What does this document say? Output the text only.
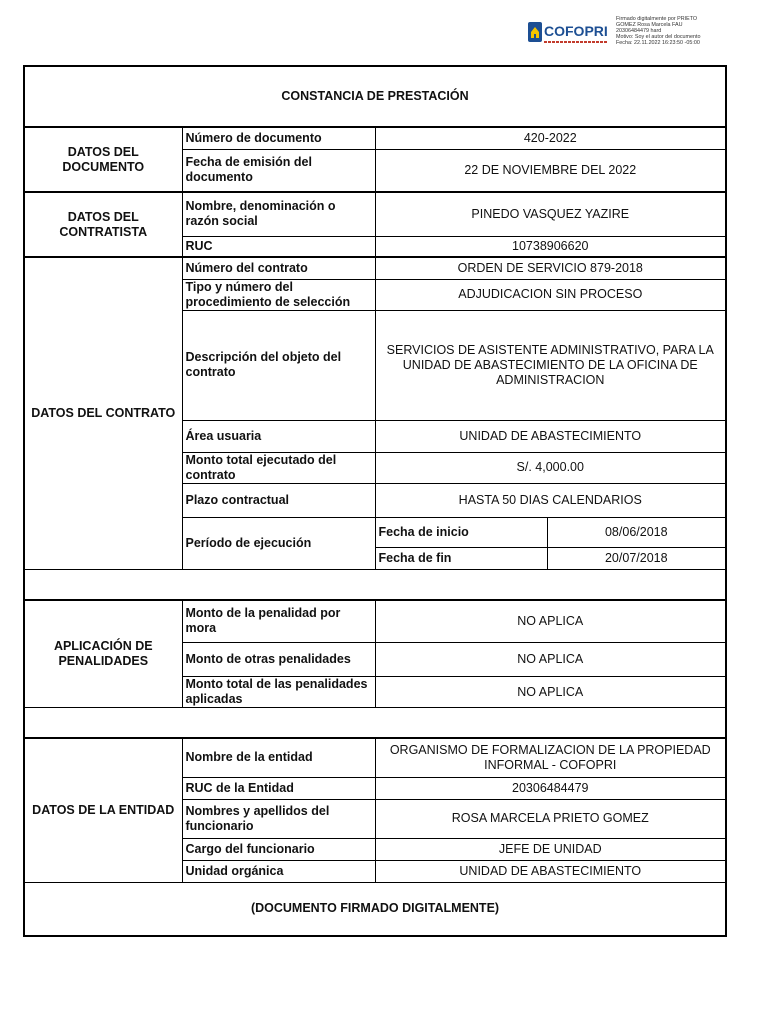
COFOPRI
Firmado digitalmente por PRIETO
GOMEZ Rosa Marcela FAU
20306484479 hard
Motivo: Soy el autor del documento
Fecha: 22.11.2022 16:23:50 -05:00
CONSTANCIA DE PRESTACIÓN			
DATOS DEL DOCUMENTO	Número de documento	420-2022	
	Fecha de emisión del documento	22 DE NOVIEMBRE DEL 2022	
DATOS DEL CONTRATISTA	Nombre, denominación o razón social	PINEDO VASQUEZ YAZIRE	
	RUC	10738906620	
DATOS DEL CONTRATO	Número del contrato	ORDEN DE SERVICIO 879-2018	
	Tipo y número del procedimiento de selección	ADJUDICACION SIN PROCESO	
	Descripción del objeto del contrato	SERVICIOS DE ASISTENTE ADMINISTRATIVO, PARA LA UNIDAD DE ABASTECIMIENTO DE LA OFICINA DE ADMINISTRACION	
	Área usuaria	UNIDAD DE ABASTECIMIENTO	
	Monto total ejecutado del contrato	S/. 4,000.00	
	Plazo contractual	HASTA 50 DIAS CALENDARIOS	
	Período de ejecución	Fecha de inicio	08/06/2018
		Fecha de fin	20/07/2018

APLICACIÓN DE PENALIDADES	Monto de la penalidad por mora	NO APLICA	
	Monto de otras penalidades	NO APLICA	
	Monto total de las penalidades aplicadas	NO APLICA	

DATOS DE LA ENTIDAD	Nombre de la entidad	ORGANISMO DE FORMALIZACION DE LA PROPIEDAD INFORMAL - COFOPRI	
	RUC de la Entidad	20306484479	
	Nombres y apellidos del funcionario	ROSA MARCELA PRIETO GOMEZ	
	Cargo del funcionario	JEFE DE UNIDAD	
	Unidad orgánica	UNIDAD DE ABASTECIMIENTO	
(DOCUMENTO FIRMADO DIGITALMENTE)			
